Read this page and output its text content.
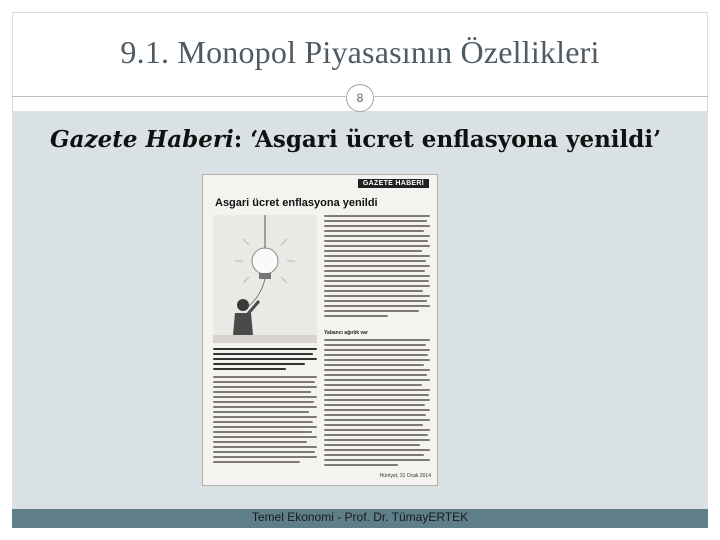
9.1. Monopol Piyasasının Özellikleri
8
Gazete Haberi: ‘Asgari ücret enflasyona yenildi’
GAZETE HABERİ
Asgari ücret enflasyona yenildi
Yabancı ağırlık var
Hürriyet, 31 Ocak 2014
Temel Ekonomi - Prof. Dr. TümayERTEK
